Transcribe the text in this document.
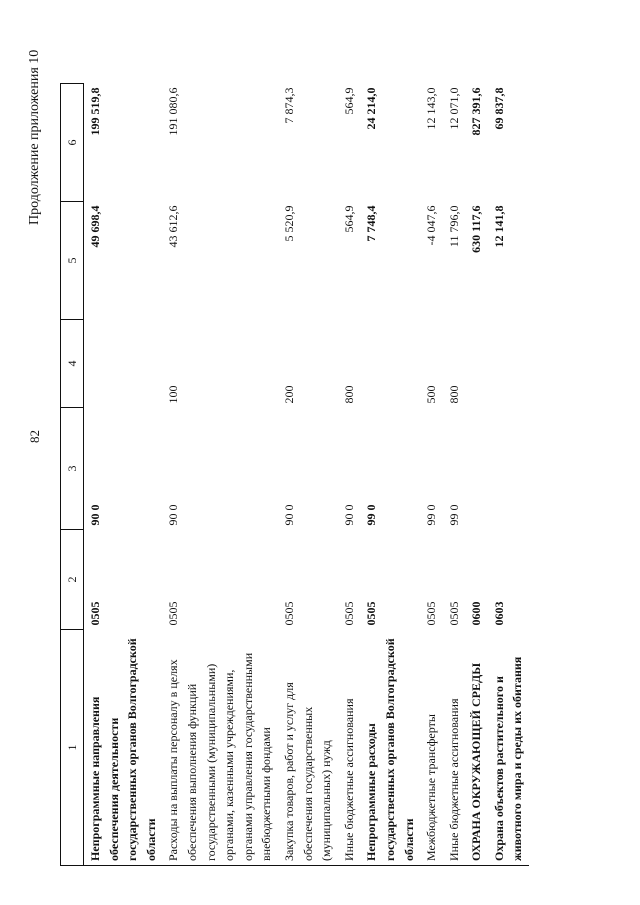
82
Продолжение приложения 10
1	2	3	4	5	6
Непрограммные направления обеспечения деятельности государственных органов Волгоградской области	0505	90 0		49 698,4	199 519,8
Расходы на выплаты персоналу в целях обеспечения выполнения функций государственными (муниципальными) органами, казенными учреждениями, органами управления государственными внебюджетными фондами	0505	90 0	100	43 612,6	191 080,6
Закупка товаров, работ и услуг для обеспечения государственных (муниципальных) нужд	0505	90 0	200	5 520,9	7 874,3
Иные бюджетные ассигнования	0505	90 0	800	564,9	564,9
Непрограммные расходы государственных органов Волгоградской области	0505	99 0		7 748,4	24 214,0
Межбюджетные трансферты	0505	99 0	500	-4 047,6	12 143,0
Иные бюджетные ассигнования	0505	99 0	800	11 796,0	12 071,0
ОХРАНА ОКРУЖАЮЩЕЙ СРЕДЫ	0600			630 117,6	827 391,6
Охрана объектов растительного и животного мира и среды их обитания	0603			12 141,8	69 837,8
